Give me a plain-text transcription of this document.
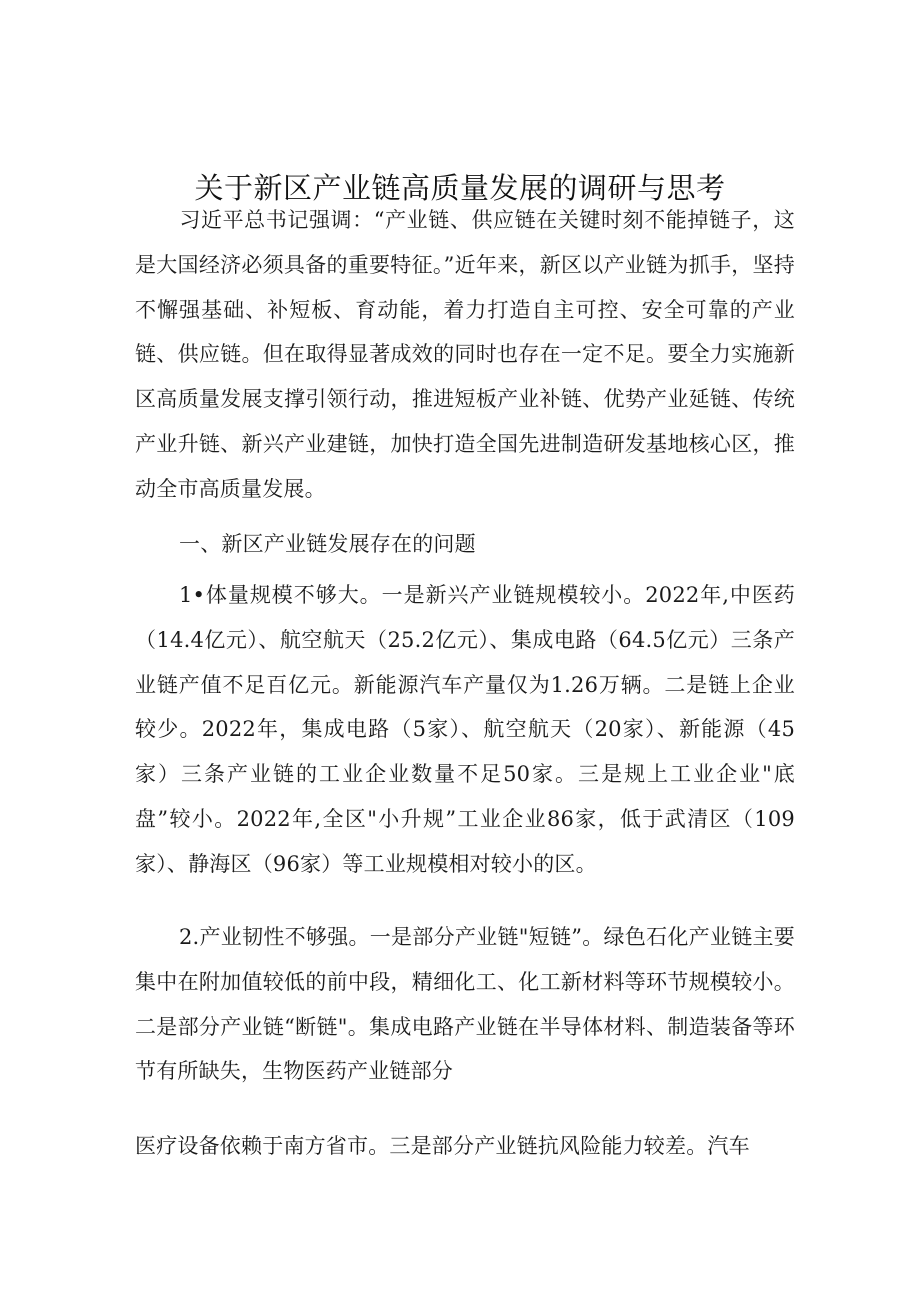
关于新区产业链高质量发展的调研与思考

习近平总书记强调：“产业链、供应链在关键时刻不能掉链子，这是大国经济必须具备的重要特征。”近年来，新区以产业链为抓手，坚持不懈强基础、补短板、育动能，着力打造自主可控、安全可靠的产业链、供应链。但在取得显著成效的同时也存在一定不足。要全力实施新区高质量发展支撑引领行动，推进短板产业补链、优势产业延链、传统产业升链、新兴产业建链，加快打造全国先进制造研发基地核心区，推动全市高质量发展。

一、新区产业链发展存在的问题

1•体量规模不够大。一是新兴产业链规模较小。2022年,中医药（14.4亿元）、航空航天（25.2亿元）、集成电路（64.5亿元）三条产业链产值不足百亿元。新能源汽车产量仅为1.26万辆。二是链上企业较少。2022年，集成电路（5家）、航空航天（20家）、新能源（45家）三条产业链的工业企业数量不足50家。三是规上工业企业"底盘”较小。2022年,全区"小升规”工业企业86家，低于武清区（109家）、静海区（96家）等工业规模相对较小的区。

2.产业韧性不够强。一是部分产业链"短链”。绿色石化产业链主要集中在附加值较低的前中段，精细化工、化工新材料等环节规模较小。二是部分产业链“断链"。集成电路产业链在半导体材料、制造装备等环节有所缺失，生物医药产业链部分

医疗设备依赖于南方省市。三是部分产业链抗风险能力较差。汽车
